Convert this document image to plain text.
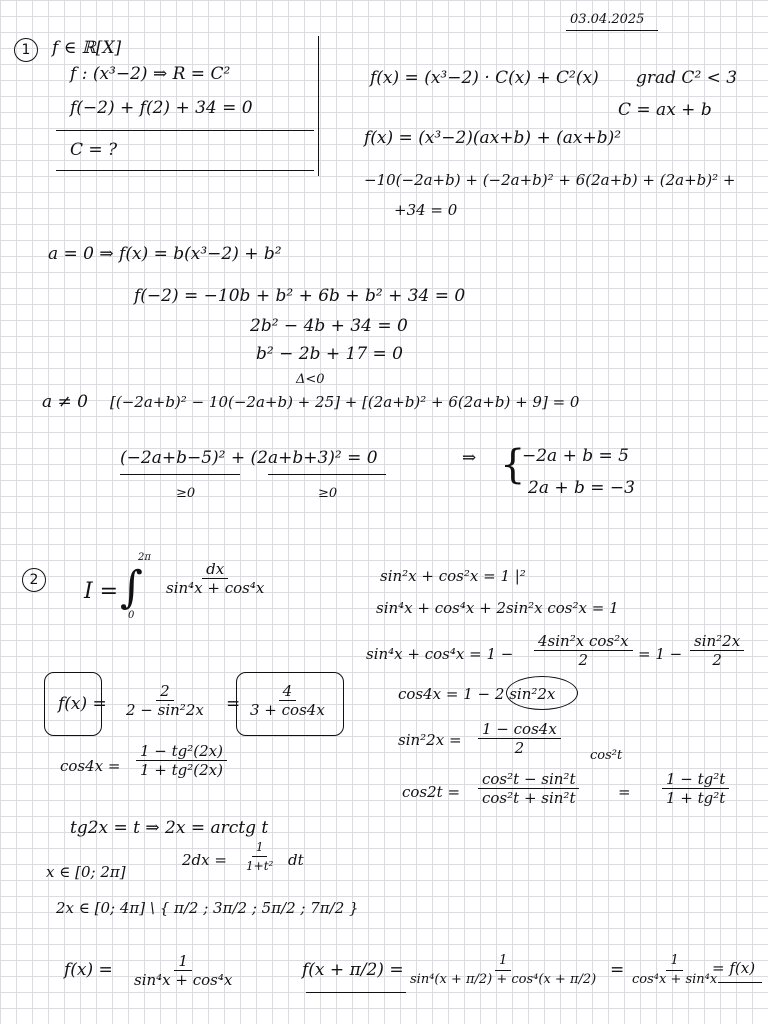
03.04.2025
1	f ∈ ℝ[X]
f : (x³−2) ⇒ R = C²
f(−2) + f(2) + 34 = 0
C = ?
f(x) = (x³−2) · C(x) + C²(x) grad C² < 3
C = ax + b
f(x) = (x³−2)(ax+b) + (ax+b)²
−10(−2a+b) + (−2a+b)² + 6(2a+b) + (2a+b)² +
+34 = 0
a = 0 ⇒ f(x) = b(x³−2) + b²
f(−2) = −10b + b² + 6b + b² + 34 = 0
2b² − 4b + 34 = 0
b² − 2b + 17 = 0
Δ<0
a ≠ 0 [(−2a+b)² − 10(−2a+b) + 25] + [(2a+b)² + 6(2a+b) + 9] = 0
(−2a+b−5)² + (2a+b+3)² = 0
≥0	≥0
⇒ {
−2a + b = 5
2a + b = −3
2	I = ∫
2π
0
$\frac{dx}{\text{sin⁴x + cos⁴x}}$	sin²x + cos²x = 1 |²
sin⁴x + cos⁴x + 2sin²x cos²x = 1
$\sin^4x + \cos^4x = 1 - \frac{\text{4sin²x cos²x}}{2} = 1 - \frac{\text{sin²2x}}{2}$
cos4x = 1 − 2 sin²2x
$\sin^22x = \frac{1 - \cos 4x}{2}$
$\cos 2t = \frac{\text{cos²t − sin²t}}{\text{cos²t + sin²t}}$
cos²t
= $\frac{\text{1 − tg²t}}{\text{1 + tg²t}}$
$f(x) = \frac{2}{\text{2 − sin²2x}} = \frac{4}{3 + \cos 4x}$
$\cos 4x = \frac{\text{1 − tg²(2x)}}{\text{1 + tg²(2x)}}$
tg2x = t ⇒ 2x = arctg t
$2dx = \frac{1}{\text{1+t²}}$ dt
x ∈ [0; 2π]
2x ∈ [0; 4π] \ { π/2 ; 3π/2 ; 5π/2 ; 7π/2 }
$f(x) = \frac{1}{\text{sin⁴x + cos⁴x}}$	$f(x + \pi/2) = \frac{1}{\text{sin⁴(x + π/2) + cos⁴(x + π/2)}} = \frac{1}{\text{cos⁴x + sin⁴x}}$
= f(x)
